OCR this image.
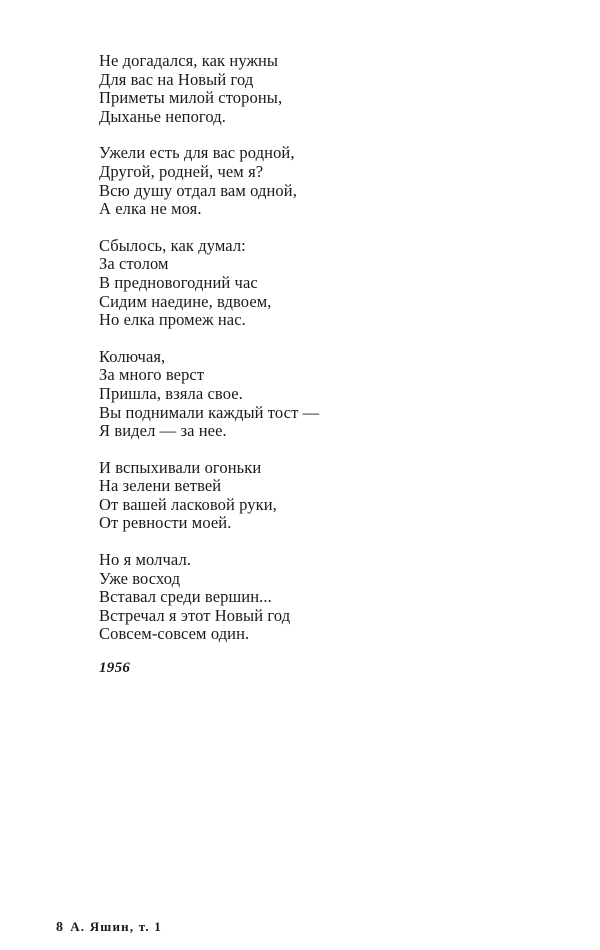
Не догадался, как нужны
Для вас на Новый год
Приметы милой стороны,
Дыханье непогод.
Ужели есть для вас родной,
Другой, родней, чем я?
Всю душу отдал вам одной,
А елка не моя.
Сбылось, как думал:
За столом
В предновогодний час
Сидим наедине, вдвоем,
Но елка промеж нас.
Колючая,
За много верст
Пришла, взяла свое.
Вы поднимали каждый тост —
Я видел — за нее.
И вспыхивали огоньки
На зелени ветвей
От вашей ласковой руки,
От ревности моей.
Но я молчал.
Уже восход
Вставал среди вершин...
Встречал я этот Новый год
Совсем-совсем один.
1956
8 А. Яшин, т. 1
